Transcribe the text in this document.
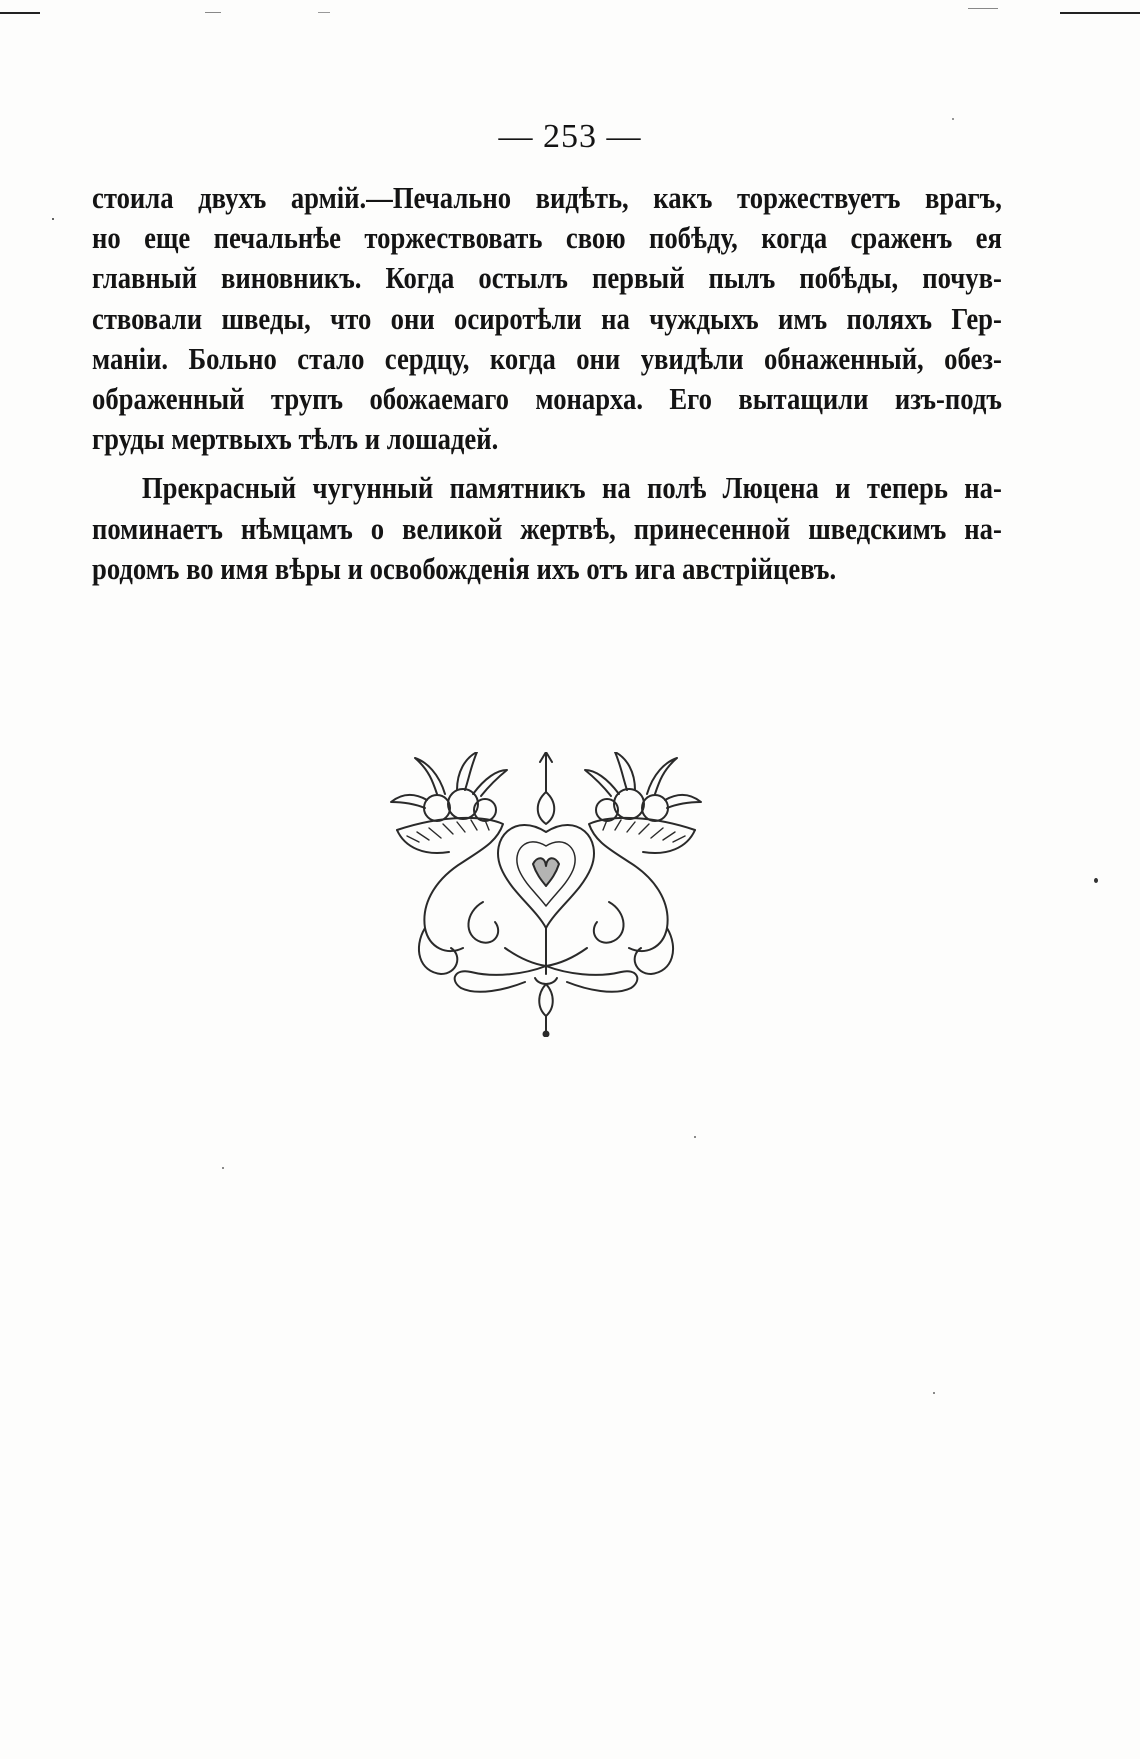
— 253 —
стоила двухъ армiй.—Печально видѣть, какъ торжествуетъ врагъ,
но еще печальнѣе торжествовать свою побѣду, когда сраженъ ея
главный виновникъ. Когда остылъ первый пылъ побѣды, почув-
ствовали шведы, что они осиротѣли на чуждыхъ имъ поляхъ Гер-
манiи. Больно стало сердцу, когда они увидѣли обнаженный, обез-
ображенный трупъ обожаемаго монарха. Его вытащили изъ-подъ
груды мертвыхъ тѣлъ и лошадей.
Прекрасный чугунный памятникъ на полѣ Люцена и теперь на-
поминаетъ нѣмцамъ о великой жертвѣ, принесенной шведскимъ на-
родомъ во имя вѣры и освобожденiя ихъ отъ ига австрiйцевъ.
